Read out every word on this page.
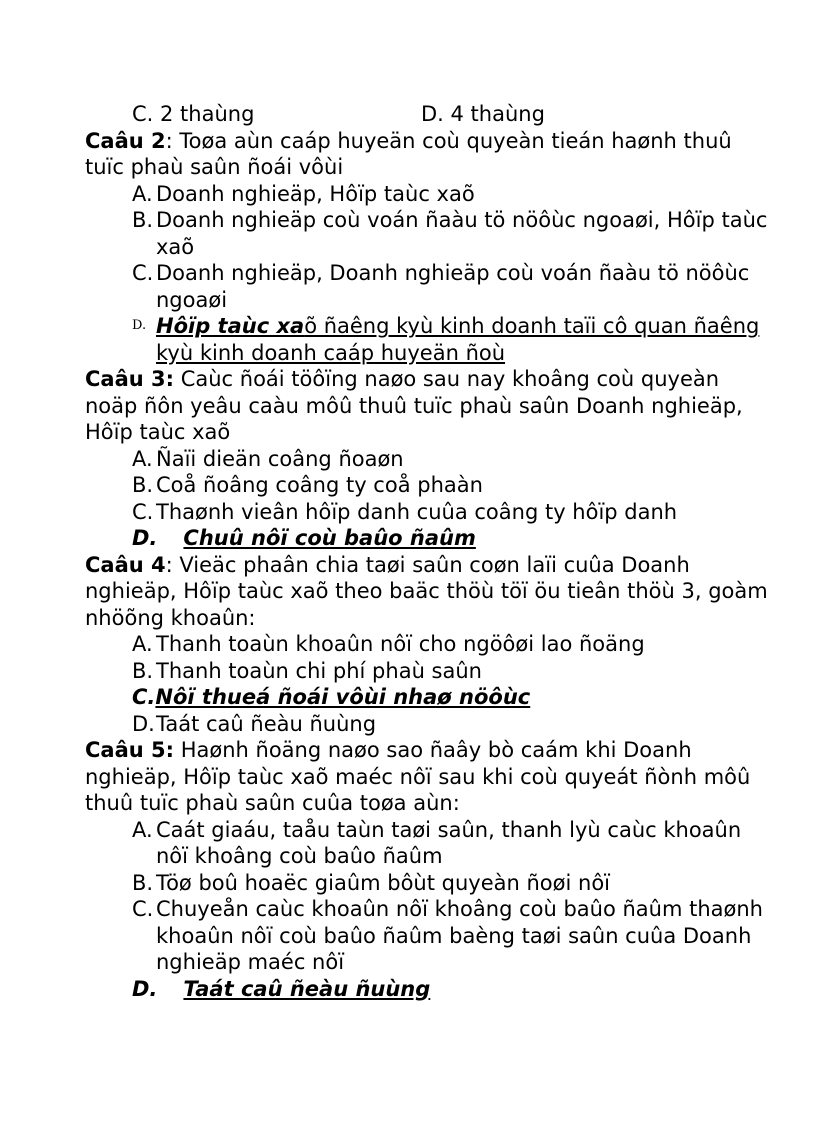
C. 2 thaùng	D. 4 thaùng
Caâu 2: Toøa aùn caáp huyeän coù quyeàn tieán haønh thuû
tuïc phaù saûn ñoái vôùi
A. Doanh nghieäp, Hôïp taùc xaõ
B. Doanh nghieäp coù voán ñaàu tö nöôùc ngoaøi, Hôïp taùc
xaõ
C. Doanh nghieäp, Doanh nghieäp coù voán ñaàu tö nöôùc
ngoaøi
D. Hôïp taùc xaõ ñaêng kyù kinh doanh taïi cô quan ñaêng
kyù kinh doanh caáp huyeän ñoù
Caâu 3: Caùc ñoái töôïng naøo sau nay khoâng coù quyeàn
noäp ñôn yeâu caàu môû thuû tuïc phaù saûn Doanh nghieäp,
Hôïp taùc xaõ
A. Ñaïi dieän coâng ñoaøn
B. Coå ñoâng coâng ty coå phaàn
C. Thaønh vieân hôïp danh cuûa coâng ty hôïp danh
D. Chuû nôï coù baûo ñaûm
Caâu 4: Vieäc phaân chia taøi saûn coøn laïi cuûa Doanh
nghieäp, Hôïp taùc xaõ theo baäc thöù töï öu tieân thöù 3, goàm
nhöõng khoaûn:
A. Thanh toaùn khoaûn nôï cho ngöôøi lao ñoäng
B. Thanh toaùn chi phí phaù saûn
C. Nôï thueá ñoái vôùi nhaø nöôùc
D. Taát caû ñeàu ñuùng
Caâu 5: Haønh ñoäng naøo sao ñaây bò caám khi Doanh
nghieäp, Hôïp taùc xaõ maéc nôï sau khi coù quyeát ñònh môû
thuû tuïc phaù saûn cuûa toøa aùn:
A. Caát giaáu, taåu taùn taøi saûn, thanh lyù caùc khoaûn
nôï khoâng coù baûo ñaûm
B. Töø boû hoaëc giaûm bôùt quyeàn ñoøi nôï
C. Chuyeån caùc khoaûn nôï khoâng coù baûo ñaûm thaønh
khoaûn nôï coù baûo ñaûm baèng taøi saûn cuûa Doanh
nghieäp maéc nôï
D. Taát caû ñeàu ñuùng
